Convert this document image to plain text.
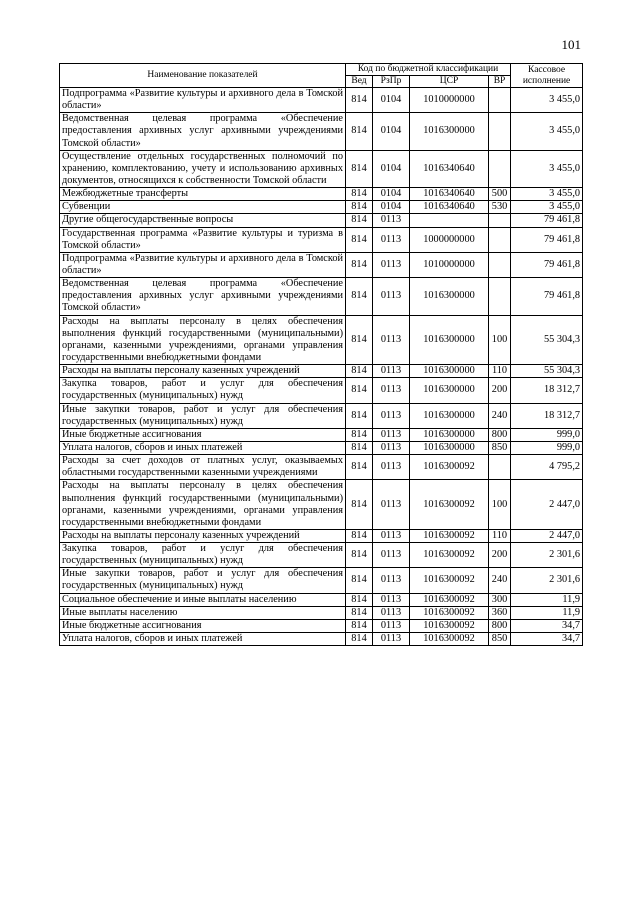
101
Наименование показателей	Код по бюджетной классификации				Кассовое исполнение
	Вед	РзПр	ЦСР	ВР	
Подпрограмма «Развитие культуры и архивного дела в Томской области»	814	0104	1010000000		3 455,0
Ведомственная целевая программа «Обеспечение предоставления архивных услуг архивными учреждениями Томской области»	814	0104	1016300000		3 455,0
Осуществление отдельных государственных полномочий по хранению, комплектованию, учету и использованию архивных документов, относящихся к собственности Томской области	814	0104	1016340640		3 455,0
Межбюджетные трансферты	814	0104	1016340640	500	3 455,0
Субвенции	814	0104	1016340640	530	3 455,0
Другие общегосударственные вопросы	814	0113			79 461,8
Государственная программа «Развитие культуры и туризма в Томской области»	814	0113	1000000000		79 461,8
Подпрограмма «Развитие культуры и архивного дела в Томской области»	814	0113	1010000000		79 461,8
Ведомственная целевая программа «Обеспечение предоставления архивных услуг архивными учреждениями Томской области»	814	0113	1016300000		79 461,8
Расходы на выплаты персоналу в целях обеспечения выполнения функций государственными (муниципальными) органами, казенными учреждениями, органами управления государственными внебюджетными фондами	814	0113	1016300000	100	55 304,3
Расходы на выплаты персоналу казенных учреждений	814	0113	1016300000	110	55 304,3
Закупка товаров, работ и услуг для обеспечения государственных (муниципальных) нужд	814	0113	1016300000	200	18 312,7
Иные закупки товаров, работ и услуг для обеспечения государственных (муниципальных) нужд	814	0113	1016300000	240	18 312,7
Иные бюджетные ассигнования	814	0113	1016300000	800	999,0
Уплата налогов, сборов и иных платежей	814	0113	1016300000	850	999,0
Расходы за счет доходов от платных услуг, оказываемых областными государственными казенными учреждениями	814	0113	1016300092		4 795,2
Расходы на выплаты персоналу в целях обеспечения выполнения функций государственными (муниципальными) органами, казенными учреждениями, органами управления государственными внебюджетными фондами	814	0113	1016300092	100	2 447,0
Расходы на выплаты персоналу казенных учреждений	814	0113	1016300092	110	2 447,0
Закупка товаров, работ и услуг для обеспечения государственных (муниципальных) нужд	814	0113	1016300092	200	2 301,6
Иные закупки товаров, работ и услуг для обеспечения государственных (муниципальных) нужд	814	0113	1016300092	240	2 301,6
Социальное обеспечение и иные выплаты населению	814	0113	1016300092	300	11,9
Иные выплаты населению	814	0113	1016300092	360	11,9
Иные бюджетные ассигнования	814	0113	1016300092	800	34,7
Уплата налогов, сборов и иных платежей	814	0113	1016300092	850	34,7
